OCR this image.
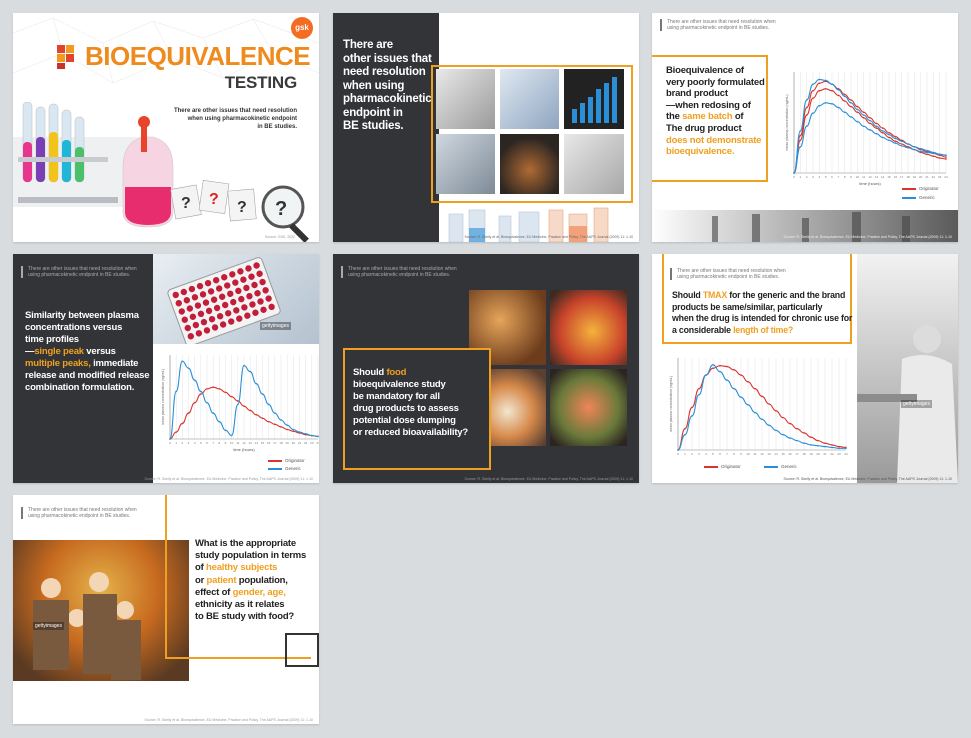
BIOEQUIVALENCE
TESTING
There are other issues that need resolution
when using pharmacokinetic endpoint
in BE studies.
gsk
? ? ? ?
Source: GSK, 2022
There are
other issues that
need resolution
when using
pharmacokinetic
endpoint in
BE studies.
Source: R. Skelly et al. Bioequivalence, EU Medicine, Practice and Policy, The AAPS Journal (2009) 11: 1-10
There are other issues that need resolution when
using pharmacokinetic endpoint in BE studies.
Bioequivalence of
very poorly formulated
brand product
—when redosing of
the same batch of
The drug product
does not demonstrate
bioequivalence.
0 1 2 3 4 5 6 7 8 9 10 11 12 13 14 15 16 17 18 19 20 21 22 23 24
mean plasma concentration (ng/mL)
time (hours)
Originator
Generic
Source: R. Skelly et al. Bioequivalence, EU Medicine, Practice and Policy, The AAPS Journal (2009) 11: 1-10
There are other issues that need resolution when
using pharmacokinetic endpoint in BE studies.
Similarity between plasma
concentrations versus
time profiles
—single peak versus
multiple peaks, immediate
release and modified release
combination formulation.
gettyimages
0 1 2 3 4 5 6 7 8 9 10 11 12 13 14 15 16 17 18 19 20 21 22 23 24
mean plasma concentration (ng/mL)
time (hours)
Originator
Generic
Source: R. Skelly et al. Bioequivalence, EU Medicine, Practice and Policy, The AAPS Journal (2009) 11: 1-10
There are other issues that need resolution when
using pharmacokinetic endpoint in BE studies.
Should food
bioequivalence study
be mandatory for all
drug products to assess
potential dose dumping
or reduced bioavailability?
Source: R. Skelly et al. Bioequivalence, EU Medicine, Practice and Policy, The AAPS Journal (2009) 11: 1-10
gettyimages
There are other issues that need resolution when
using pharmacokinetic endpoint in BE studies.
Should TMAX for the generic and the brand
products be same/similar, particularly
when the drug is intended for chronic use for
a considerable length of time?
0 1 2 3 4 5 6 7 8 9 10 11 12 13 14 15 16 17 18 19 20 21 22 23 24
mean plasma concentration (ng/mL)
Originator	Generic
Source: R. Skelly et al. Bioequivalence, EU Medicine, Practice and Policy, The AAPS Journal (2009) 11: 1-10
There are other issues that need resolution when
using pharmacokinetic endpoint in BE studies.
gettyimages
What is the appropriate
study population in terms
of healthy subjects
or patient population,
effect of gender, age,
ethnicity as it relates
to BE study with food?
Source: R. Skelly et al. Bioequivalence, EU Medicine, Practice and Policy, The AAPS Journal (2009) 11: 1-10
